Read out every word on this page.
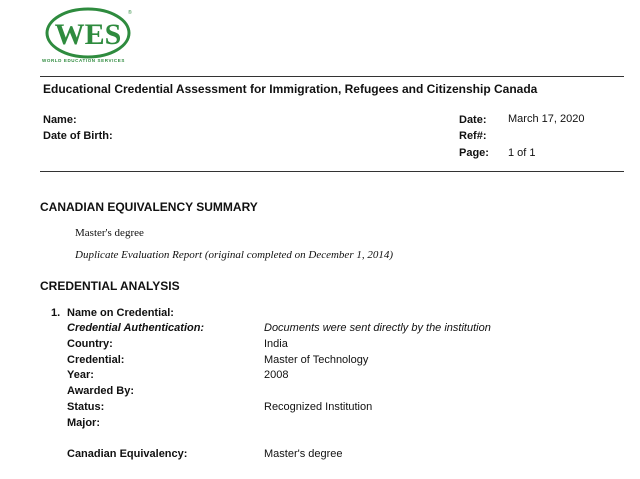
WES
®
WORLD EDUCATION SERVICES
Educational Credential Assessment for Immigration, Refugees and Citizenship Canada
Name:
Date of Birth:
Date: March 17, 2020
Ref#:
Page: 1 of 1
CANADIAN EQUIVALENCY SUMMARY
Master's degree
Duplicate Evaluation Report (original completed on December 1, 2014)
CREDENTIAL ANALYSIS
1. Name on Credential:
Credential Authentication:	Documents were sent directly by the institution
Country:	India
Credential:	Master of Technology
Year:	2008
Awarded By:
Status:	Recognized Institution
Major:
Canadian Equivalency:	Master's degree
